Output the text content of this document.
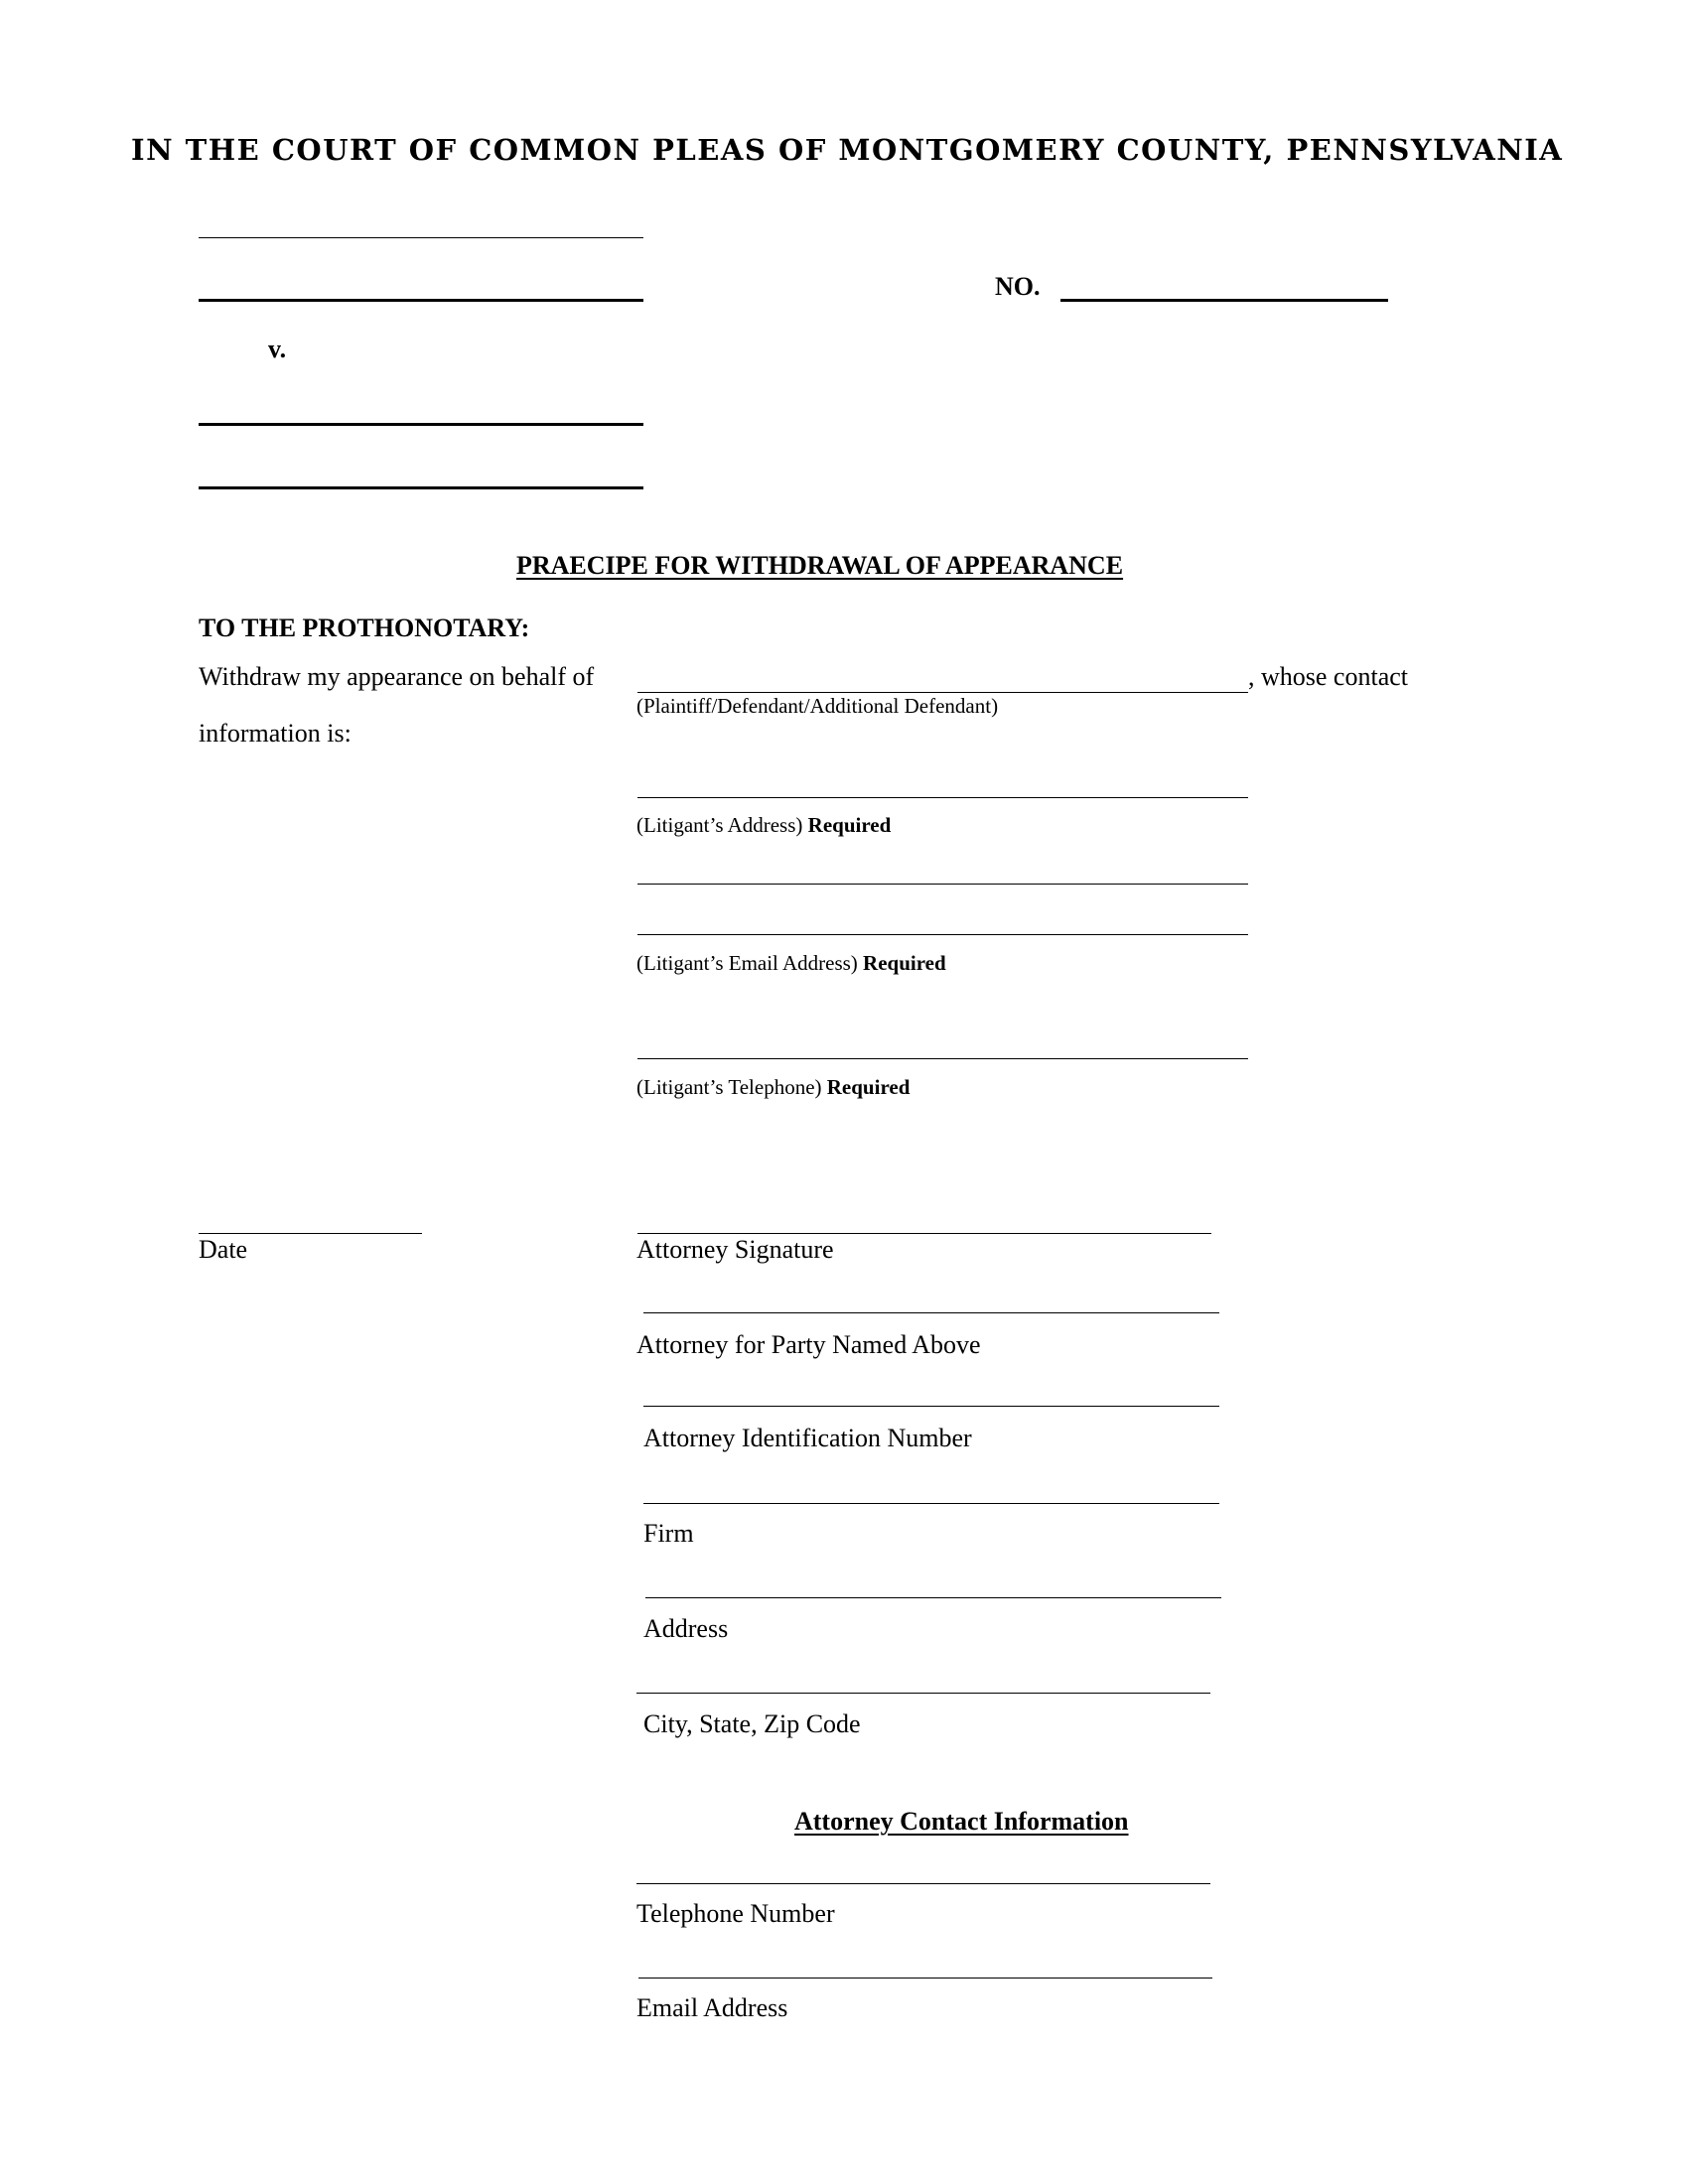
IN THE COURT OF COMMON PLEAS OF MONTGOMERY COUNTY, PENNSYLVANIA
v.
NO.
PRAECIPE FOR WITHDRAWAL OF APPEARANCE
TO THE PROTHONOTARY:
Withdraw my appearance on behalf of	, whose contact
(Plaintiff/Defendant/Additional Defendant)
information is:
(Litigant’s Address) Required
(Litigant’s Email Address) Required
(Litigant’s Telephone) Required
Date	Attorney Signature
Attorney for Party Named Above
Attorney Identification Number
Firm
Address
City, State, Zip Code
Attorney Contact Information
Telephone Number
Email Address
